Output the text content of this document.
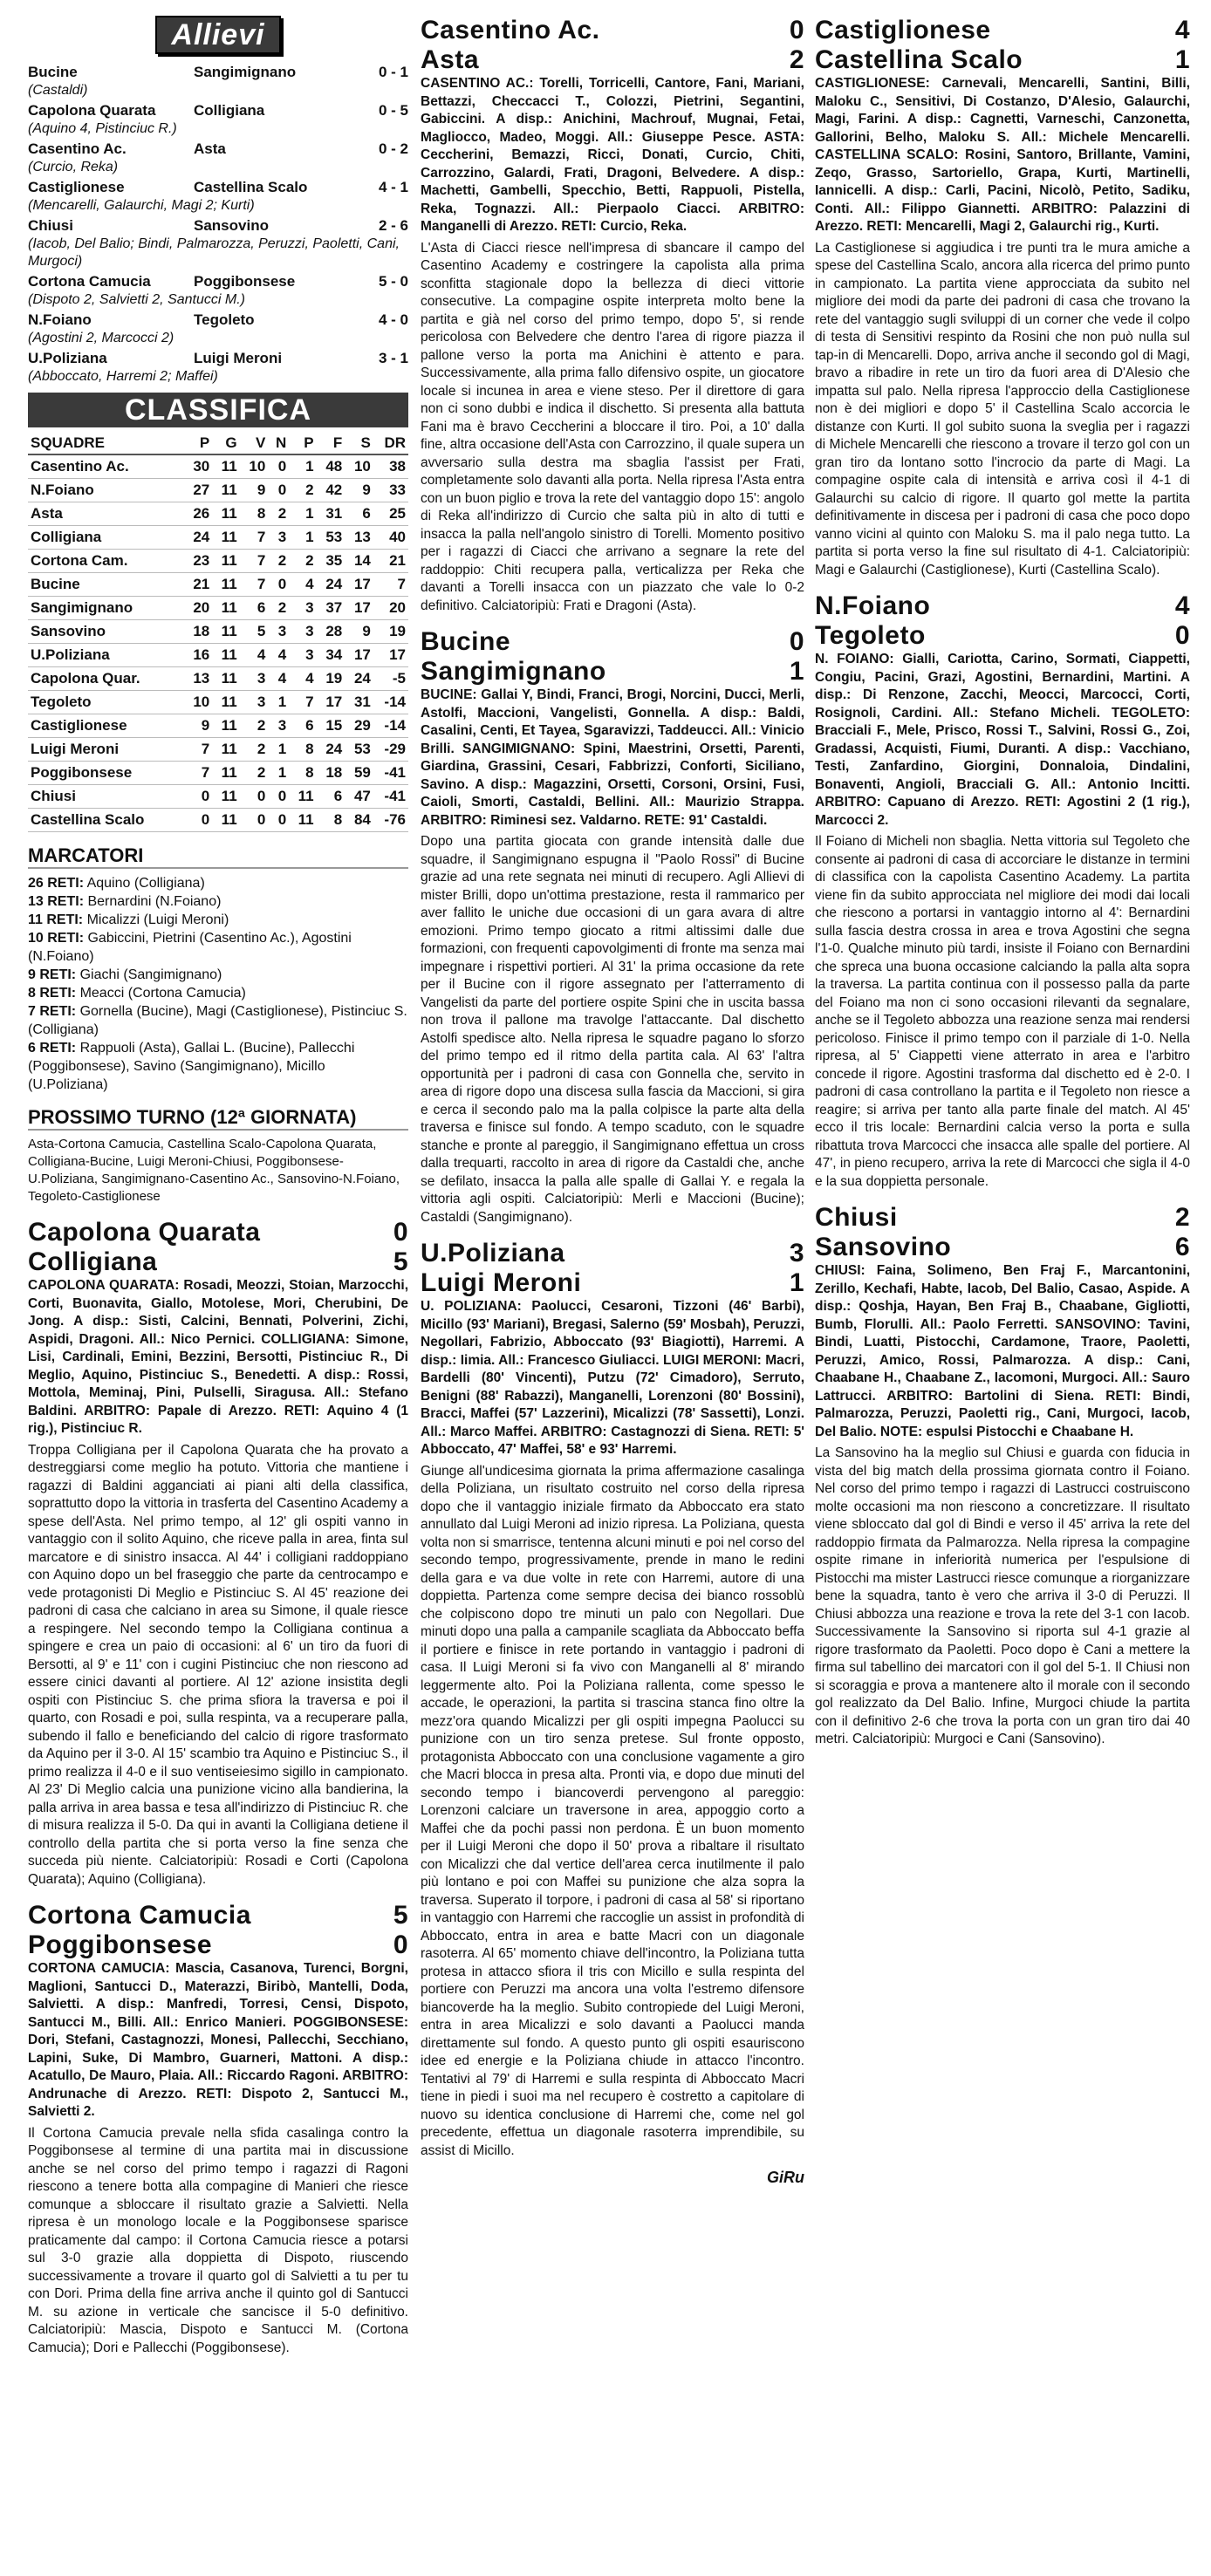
Allievi
Bucine	Sangimignano	0 - 1
(Castaldi)
Capolona Quarata	Colligiana	0 - 5
(Aquino 4, Pistinciuc R.)
Casentino Ac.	Asta	0 - 2
(Curcio, Reka)
Castiglionese	Castellina Scalo	4 - 1
(Mencarelli, Galaurchi, Magi 2; Kurti)
Chiusi	Sansovino	2 - 6
(Iacob, Del Balio; Bindi, Palmarozza, Peruzzi, Paoletti, Cani, Murgoci)
Cortona Camucia	Poggibonsese	5 - 0
(Dispoto 2, Salvietti 2, Santucci M.)
N.Foiano	Tegoleto	4 - 0
(Agostini 2, Marcocci 2)
U.Poliziana	Luigi Meroni	3 - 1
(Abboccato, Harremi 2; Maffei)
CLASSIFICA
SQUADRE	P	G	V	N	P	F	S	DR
Casentino Ac.	30	11	10	0	1	48	10	38
N.Foiano	27	11	9	0	2	42	9	33
Asta	26	11	8	2	1	31	6	25
Colligiana	24	11	7	3	1	53	13	40
Cortona Cam.	23	11	7	2	2	35	14	21
Bucine	21	11	7	0	4	24	17	7
Sangimignano	20	11	6	2	3	37	17	20
Sansovino	18	11	5	3	3	28	9	19
U.Poliziana	16	11	4	4	3	34	17	17
Capolona Quar.	13	11	3	4	4	19	24	-5
Tegoleto	10	11	3	1	7	17	31	-14
Castiglionese	9	11	2	3	6	15	29	-14
Luigi Meroni	7	11	2	1	8	24	53	-29
Poggibonsese	7	11	2	1	8	18	59	-41
Chiusi	0	11	0	0	11	6	47	-41
Castellina Scalo	0	11	0	0	11	8	84	-76
MARCATORI

26 RETI: Aquino (Colligiana)

13 RETI: Bernardini (N.Foiano)

11 RETI: Micalizzi (Luigi Meroni)

10 RETI: Gabiccini, Pietrini (Casentino Ac.), Agostini (N.Foiano)

9 RETI: Giachi (Sangimignano)

8 RETI: Meacci (Cortona Camucia)

7 RETI: Gornella (Bucine), Magi (Castiglionese), Pistinciuc S. (Colligiana)

6 RETI: Rappuoli (Asta), Gallai L. (Bucine), Pallecchi (Poggibonsese), Savino (Sangimignano), Micillo (U.Poliziana)

PROSSIMO TURNO (12ª GIORNATA)

Asta-Cortona Camucia, Castellina Scalo-Capolona Quarata, Colligiana-Bucine, Luigi Meroni-Chiusi, Poggibonsese-U.Poliziana, Sangimignano-Casentino Ac., Sansovino-N.Foiano, Tegoleto-Castiglionese

Capolona Quarata	0
Colligiana	5

CAPOLONA QUARATA: Rosadi, Meozzi, Stoian, Marzocchi, Corti, Buonavita, Giallo, Motolese, Mori, Cherubini, De Jong. A disp.: Sisti, Calcini, Bennati, Polverini, Zichi, Aspidi, Dragoni. All.: Nico Pernici. COLLIGIANA: Simone, Lisi, Cardinali, Emini, Bezzini, Bersotti, Pistinciuc R., Di Meglio, Aquino, Pistinciuc S., Benedetti. A disp.: Rossi, Mottola, Meminaj, Pini, Pulselli, Siragusa. All.: Stefano Baldini. ARBITRO: Papale di Arezzo. RETI: Aquino 4 (1 rig.), Pistinciuc R.

Troppa Colligiana per il Capolona Quarata che ha provato a destreggiarsi come meglio ha potuto. Vittoria che mantiene i ragazzi di Baldini agganciati ai piani alti della classifica, soprattutto dopo la vittoria in trasferta del Casentino Academy a spese dell'Asta. Nel primo tempo, al 12' gli ospiti vanno in vantaggio con il solito Aquino, che riceve palla in area, finta sul marcatore e di sinistro insacca. Al 44' i colligiani raddoppiano con Aquino dopo un bel fraseggio che parte da centrocampo e vede protagonisti Di Meglio e Pistinciuc S. Al 45' reazione dei padroni di casa che calciano in area su Simone, il quale riesce a respingere. Nel secondo tempo la Colligiana continua a spingere e crea un paio di occasioni: al 6' un tiro da fuori di Bersotti, al 9' e 11' con i cugini Pistinciuc che non riescono ad essere cinici davanti al portiere. Al 12' azione insistita degli ospiti con Pistinciuc S. che prima sfiora la traversa e poi il quarto, con Rosadi e poi, sulla respinta, va a recuperare palla, subendo il fallo e beneficiando del calcio di rigore trasformato da Aquino per il 3-0. Al 15' scambio tra Aquino e Pistinciuc S., il primo realizza il 4-0 e il suo ventiseiesimo sigillo in campionato. Al 23' Di Meglio calcia una punizione vicino alla bandierina, la palla arriva in area bassa e tesa all'indirizzo di Pistinciuc R. che di misura realizza il 5-0. Da qui in avanti la Colligiana detiene il controllo della partita che si porta verso la fine senza che succeda più niente. Calciatoripiù: Rosadi e Corti (Capolona Quarata); Aquino (Colligiana).

Cortona Camucia	5
Poggibonsese	0

CORTONA CAMUCIA: Mascia, Casanova, Turenci, Borgni, Maglioni, Santucci D., Materazzi, Biribò, Mantelli, Doda, Salvietti. A disp.: Manfredi, Torresi, Censi, Dispoto, Santucci M., Billi. All.: Enrico Manieri. POGGIBONSESE: Dori, Stefani, Castagnozzi, Monesi, Pallecchi, Secchiano, Lapini, Suke, Di Mambro, Guarneri, Mattoni. A disp.: Acatullo, De Mauro, Plaia. All.: Riccardo Ragoni. ARBITRO: Andrunache di Arezzo. RETI: Dispoto 2, Santucci M., Salvietti 2.

Il Cortona Camucia prevale nella sfida casalinga contro la Poggibonsese al termine di una partita mai in discussione anche se nel corso del primo tempo i ragazzi di Ragoni riescono a tenere botta alla compagine di Manieri che riesce comunque a sbloccare il risultato grazie a Salvietti. Nella ripresa è un monologo locale e la Poggibonsese sparisce praticamente dal campo: il Cortona Camucia riesce a potarsi sul 3-0 grazie alla doppietta di Dispoto, riuscendo successivamente a trovare il quarto gol di Salvietti a tu per tu con Dori. Prima della fine arriva anche il quinto gol di Santucci M. su azione in verticale che sancisce il 5-0 definitivo. Calciatoripiù: Mascia, Dispoto e Santucci M. (Cortona Camucia); Dori e Pallecchi (Poggibonsese).

Casentino Ac.	0
Asta	2

CASENTINO AC.: Torelli, Torricelli, Cantore, Fani, Mariani, Bettazzi, Checcacci T., Colozzi, Pietrini, Segantini, Gabiccini. A disp.: Anichini, Machrouf, Mugnai, Fetai, Magliocco, Madeo, Moggi. All.: Giuseppe Pesce. ASTA: Ceccherini, Bemazzi, Ricci, Donati, Curcio, Chiti, Carrozzino, Galardi, Frati, Dragoni, Belvedere. A disp.: Machetti, Gambelli, Specchio, Betti, Rappuoli, Pistella, Reka, Tognazzi. All.: Pierpaolo Ciacci. ARBITRO: Manganelli di Arezzo. RETI: Curcio, Reka.

L'Asta di Ciacci riesce nell'impresa di sbancare il campo del Casentino Academy e costringere la capolista alla prima sconfitta stagionale dopo la bellezza di dieci vittorie consecutive. La compagine ospite interpreta molto bene la partita e già nel corso del primo tempo, dopo 5', si rende pericolosa con Belvedere che dentro l'area di rigore piazza il pallone verso la porta ma Anichini è attento e para. Successivamente, alla prima fallo difensivo ospite, un giocatore locale si incunea in area e viene steso. Per il direttore di gara non ci sono dubbi e indica il dischetto. Si presenta alla battuta Fani ma è bravo Ceccherini a bloccare il tiro. Poi, a 10' dalla fine, altra occasione dell'Asta con Carrozzino, il quale supera un avversario sulla destra ma sbaglia l'assist per Frati, completamente solo davanti alla porta. Nella ripresa l'Asta entra con un buon piglio e trova la rete del vantaggio dopo 15': angolo di Reka all'indirizzo di Curcio che salta più in alto di tutti e insacca la palla nell'angolo sinistro di Torelli. Momento positivo per i ragazzi di Ciacci che arrivano a segnare la rete del raddoppio: Chiti recupera palla, verticalizza per Reka che davanti a Torelli insacca con un piazzato che vale lo 0-2 definitivo. Calciatoripiù: Frati e Dragoni (Asta).

Bucine	0
Sangimignano	1

BUCINE: Gallai Y, Bindi, Franci, Brogi, Norcini, Ducci, Merli, Astolfi, Maccioni, Vangelisti, Gonnella. A disp.: Baldi, Casalini, Centi, Et Tayea, Sgaravizzi, Taddeucci. All.: Vinicio Brilli. SANGIMIGNANO: Spini, Maestrini, Orsetti, Parenti, Giardina, Grassini, Cesari, Fabbrizzi, Conforti, Siciliano, Savino. A disp.: Magazzini, Orsetti, Corsoni, Orsini, Fusi, Caioli, Smorti, Castaldi, Bellini. All.: Maurizio Strappa. ARBITRO: Riminesi sez. Valdarno. RETE: 91' Castaldi.

Dopo una partita giocata con grande intensità dalle due squadre, il Sangimignano espugna il "Paolo Rossi" di Bucine grazie ad una rete segnata nei minuti di recupero. Agli Allievi di mister Brilli, dopo un'ottima prestazione, resta il rammarico per aver fallito le uniche due occasioni di un gara avara di altre emozioni. Primo tempo giocato a ritmi altissimi dalle due formazioni, con frequenti capovolgimenti di fronte ma senza mai impegnare i rispettivi portieri. Al 31' la prima occasione da rete per il Bucine con il rigore assegnato per l'atterramento di Vangelisti da parte del portiere ospite Spini che in uscita bassa non trova il pallone ma travolge l'attaccante. Dal dischetto Astolfi spedisce alto. Nella ripresa le squadre pagano lo sforzo del primo tempo ed il ritmo della partita cala. Al 63' l'altra opportunità per i padroni di casa con Gonnella che, servito in area di rigore dopo una discesa sulla fascia da Maccioni, si gira e cerca il secondo palo ma la palla colpisce la parte alta della traversa e finisce sul fondo. A tempo scaduto, con le squadre stanche e pronte al pareggio, il Sangimignano effettua un cross dalla trequarti, raccolto in area di rigore da Castaldi che, anche se defilato, insacca la palla alle spalle di Gallai Y. e regala la vittoria agli ospiti. Calciatoripiù: Merli e Maccioni (Bucine); Castaldi (Sangimignano).

U.Poliziana	3
Luigi Meroni	1

U. POLIZIANA: Paolucci, Cesaroni, Tizzoni (46' Barbi), Micillo (93' Mariani), Bregasi, Salerno (59' Mosbah), Peruzzi, Negollari, Fabrizio, Abboccato (93' Biagiotti), Harremi. A disp.: Iimia. All.: Francesco Giuliacci. LUIGI MERONI: Macri, Bardelli (80' Vincenti), Putzu (72' Cimadoro), Serruto, Benigni (88' Rabazzi), Manganelli, Lorenzoni (80' Bossini), Bracci, Maffei (57' Lazzerini), Micalizzi (78' Sassetti), Lonzi. All.: Marco Maffei. ARBITRO: Castagnozzi di Siena. RETI: 5' Abboccato, 47' Maffei, 58' e 93' Harremi.

Giunge all'undicesima giornata la prima affermazione casalinga della Poliziana, un risultato costruito nel corso della ripresa dopo che il vantaggio iniziale firmato da Abboccato era stato annullato dal Luigi Meroni ad inizio ripresa. La Poliziana, questa volta non si smarrisce, tentenna alcuni minuti e poi nel corso del secondo tempo, progressivamente, prende in mano le redini della gara e va due volte in rete con Harremi, autore di una doppietta. Partenza come sempre decisa dei bianco rossoblù che colpiscono dopo tre minuti un palo con Negollari. Due minuti dopo una palla a campanile scagliata da Abboccato beffa il portiere e finisce in rete portando in vantaggio i padroni di casa. Il Luigi Meroni si fa vivo con Manganelli al 8' mirando leggermente alto. Poi la Poliziana rallenta, come spesso le accade, le operazioni, la partita si trascina stanca fino oltre la mezz'ora quando Micalizzi per gli ospiti impegna Paolucci su punizione con un tiro senza pretese. Sul fronte opposto, protagonista Abboccato con una conclusione vagamente a giro che Macri blocca in presa alta. Pronti via, e dopo due minuti del secondo tempo i biancoverdi pervengono al pareggio: Lorenzoni calciare un traversone in area, appoggio corto a Maffei che da pochi passi non perdona. È un buon momento per il Luigi Meroni che dopo il 50' prova a ribaltare il risultato con Micalizzi che dal vertice dell'area cerca inutilmente il palo più lontano e poi con Maffei su punizione che alza sopra la traversa. Superato il torpore, i padroni di casa al 58' si riportano in vantaggio con Harremi che raccoglie un assist in profondità di Abboccato, entra in area e batte Macri con un diagonale rasoterra. Al 65' momento chiave dell'incontro, la Poliziana tutta protesa in attacco sfiora il tris con Micillo e sulla respinta del portiere con Peruzzi ma ancora una volta l'estremo difensore biancoverde ha la meglio. Subito contropiede del Luigi Meroni, entra in area Micalizzi e solo davanti a Paolucci manda direttamente sul fondo. A questo punto gli ospiti esauriscono idee ed energie e la Poliziana chiude in attacco l'incontro. Tentativi al 79' di Harremi e sulla respinta di Abboccato Macri tiene in piedi i suoi ma nel recupero è costretto a capitolare di nuovo su identica conclusione di Harremi che, come nel gol precedente, effettua un diagonale rasoterra imprendibile, su assist di Micillo.

GiRu
Castiglionese	4
Castellina Scalo	1

CASTIGLIONESE: Carnevali, Mencarelli, Santini, Billi, Maloku C., Sensitivi, Di Costanzo, D'Alesio, Galaurchi, Magi, Farini. A disp.: Cagnetti, Varneschi, Canzonetta, Gallorini, Belho, Maloku S. All.: Michele Mencarelli. CASTELLINA SCALO: Rosini, Santoro, Brillante, Vamini, Zeqo, Grasso, Sartoriello, Grapa, Kurti, Martinelli, Iannicelli. A disp.: Carli, Pacini, Nicolò, Petito, Sadiku, Conti. All.: Filippo Giannetti. ARBITRO: Palazzini di Arezzo. RETI: Mencarelli, Magi 2, Galaurchi rig., Kurti.

La Castiglionese si aggiudica i tre punti tra le mura amiche a spese del Castellina Scalo, ancora alla ricerca del primo punto in campionato. La partita viene approcciata da subito nel migliore dei modi da parte dei padroni di casa che trovano la rete del vantaggio sugli sviluppi di un corner che vede il colpo di testa di Sensitivi respinto da Rosini che non può nulla sul tap-in di Mencarelli. Dopo, arriva anche il secondo gol di Magi, bravo a ribadire in rete un tiro da fuori area di D'Alesio che impatta sul palo. Nella ripresa l'approccio della Castiglionese non è dei migliori e dopo 5' il Castellina Scalo accorcia le distanze con Kurti. Il gol subito suona la sveglia per i ragazzi di Michele Mencarelli che riescono a trovare il terzo gol con un gran tiro da lontano sotto l'incrocio da parte di Magi. La compagine ospite cala di intensità e arriva così il 4-1 di Galaurchi su calcio di rigore. Il quarto gol mette la partita definitivamente in discesa per i padroni di casa che poco dopo vanno vicini al quinto con Maloku S. ma il palo nega tutto. La partita si porta verso la fine sul risultato di 4-1. Calciatoripiù: Magi e Galaurchi (Castiglionese), Kurti (Castellina Scalo).

N.Foiano	4
Tegoleto	0

N. FOIANO: Gialli, Cariotta, Carino, Sormati, Ciappetti, Congiu, Pacini, Grazi, Agostini, Bernardini, Martini. A disp.: Di Renzone, Zacchi, Meocci, Marcocci, Corti, Rosignoli, Cardini. All.: Stefano Micheli. TEGOLETO: Bracciali F., Mele, Prisco, Rossi T., Salvini, Rossi G., Zoi, Gradassi, Acquisti, Fiumi, Duranti. A disp.: Vacchiano, Testi, Zanfardino, Giorgini, Donnaloia, Dindalini, Bonaventi, Angioli, Bracciali G. All.: Antonio Incitti. ARBITRO: Capuano di Arezzo. RETI: Agostini 2 (1 rig.), Marcocci 2.

Il Foiano di Micheli non sbaglia. Netta vittoria sul Tegoleto che consente ai padroni di casa di accorciare le distanze in termini di classifica con la capolista Casentino Academy. La partita viene fin da subito approcciata nel migliore dei modi dai locali che riescono a portarsi in vantaggio intorno al 4': Bernardini sulla fascia destra crossa in area e trova Agostini che segna l'1-0. Qualche minuto più tardi, insiste il Foiano con Bernardini che spreca una buona occasione calciando la palla alta sopra la traversa. La partita continua con il possesso palla da parte del Foiano ma non ci sono occasioni rilevanti da segnalare, anche se il Tegoleto abbozza una reazione senza mai rendersi pericoloso. Finisce il primo tempo con il parziale di 1-0. Nella ripresa, al 5' Ciappetti viene atterrato in area e l'arbitro concede il rigore. Agostini trasforma dal dischetto ed è 2-0. I padroni di casa controllano la partita e il Tegoleto non riesce a reagire; si arriva per tanto alla parte finale del match. Al 45' ecco il tris locale: Bernardini calcia verso la porta e sulla ribattuta trova Marcocci che insacca alle spalle del portiere. Al 47', in pieno recupero, arriva la rete di Marcocci che sigla il 4-0 e la sua doppietta personale.

Chiusi	2
Sansovino	6

CHIUSI: Faina, Solimeno, Ben Fraj F., Marcantonini, Zerillo, Kechafi, Habte, Iacob, Del Balio, Casao, Aspide. A disp.: Qoshja, Hayan, Ben Fraj B., Chaabane, Gigliotti, Bumb, Florulli. All.: Paolo Ferretti. SANSOVINO: Tavini, Bindi, Luatti, Pistocchi, Cardamone, Traore, Paoletti, Peruzzi, Amico, Rossi, Palmarozza. A disp.: Cani, Chaabane H., Chaabane Z., Iacomoni, Murgoci. All.: Sauro Lattrucci. ARBITRO: Bartolini di Siena. RETI: Bindi, Palmarozza, Peruzzi, Paoletti rig., Cani, Murgoci, Iacob, Del Balio. NOTE: espulsi Pistocchi e Chaabane H.

La Sansovino ha la meglio sul Chiusi e guarda con fiducia in vista del big match della prossima giornata contro il Foiano. Nel corso del primo tempo i ragazzi di Lastrucci costruiscono molte occasioni ma non riescono a concretizzare. Il risultato viene sbloccato dal gol di Bindi e verso il 45' arriva la rete del raddoppio firmata da Palmarozza. Nella ripresa la compagine ospite rimane in inferiorità numerica per l'espulsione di Pistocchi ma mister Lastrucci riesce comunque a riorganizzare bene la squadra, tanto è vero che arriva il 3-0 di Peruzzi. Il Chiusi abbozza una reazione e trova la rete del 3-1 con Iacob. Successivamente la Sansovino si riporta sul 4-1 grazie al rigore trasformato da Paoletti. Poco dopo è Cani a mettere la firma sul tabellino dei marcatori con il gol del 5-1. Il Chiusi non si scoraggia e prova a mantenere alto il morale con il secondo gol realizzato da Del Balio. Infine, Murgoci chiude la partita con il definitivo 2-6 che trova la porta con un gran tiro dai 40 metri. Calciatoripiù: Murgoci e Cani (Sansovino).
